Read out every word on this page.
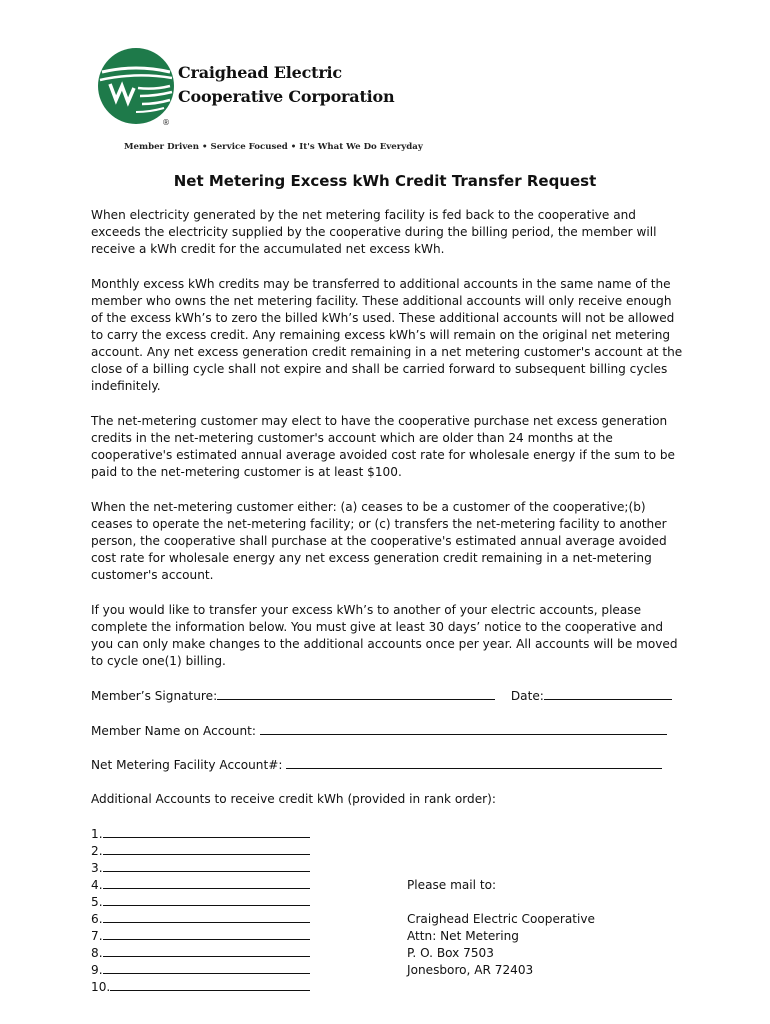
Craighead Electric
Cooperative Corporation
®
Member Driven • Service Focused • It's What We Do Everyday
Net Metering Excess kWh Credit Transfer Request

When electricity generated by the net metering facility is fed back to the cooperative and exceeds the electricity supplied by the cooperative during the billing period, the member will receive a kWh credit for the accumulated net excess kWh.

Monthly excess kWh credits may be transferred to additional accounts in the same name of the member who owns the net metering facility. These additional accounts will only receive enough of the excess kWh’s to zero the billed kWh’s used. These additional accounts will not be allowed to carry the excess credit. Any remaining excess kWh’s will remain on the original net metering account. Any net excess generation credit remaining in a net metering customer's account at the close of a billing cycle shall not expire and shall be carried forward to subsequent billing cycles indefinitely.

The net-metering customer may elect to have the cooperative purchase net excess generation credits in the net-metering customer's account which are older than 24 months at the cooperative's estimated annual average avoided cost rate for wholesale energy if the sum to be paid to the net-metering customer is at least $100.

When the net-metering customer either: (a) ceases to be a customer of the cooperative;(b) ceases to operate the net-metering facility; or (c) transfers the net-metering facility to another person, the cooperative shall purchase at the cooperative's estimated annual average avoided cost rate for wholesale energy any net excess generation credit remaining in a net-metering customer's account.

If you would like to transfer your excess kWh’s to another of your electric accounts, please complete the information below. You must give at least 30 days’ notice to the cooperative and you can only make changes to the additional accounts once per year. All accounts will be moved to cycle one(1) billing.

Member’s Signature:	Date:
Member Name on Account:
Net Metering Facility Account#:
Additional Accounts to receive credit kWh (provided in rank order):
1.
2.
3.
4.
5.
6.
7.
8.
9.
10.
Please mail to:
Craighead Electric Cooperative
Attn: Net Metering
P. O. Box 7503
Jonesboro, AR 72403
